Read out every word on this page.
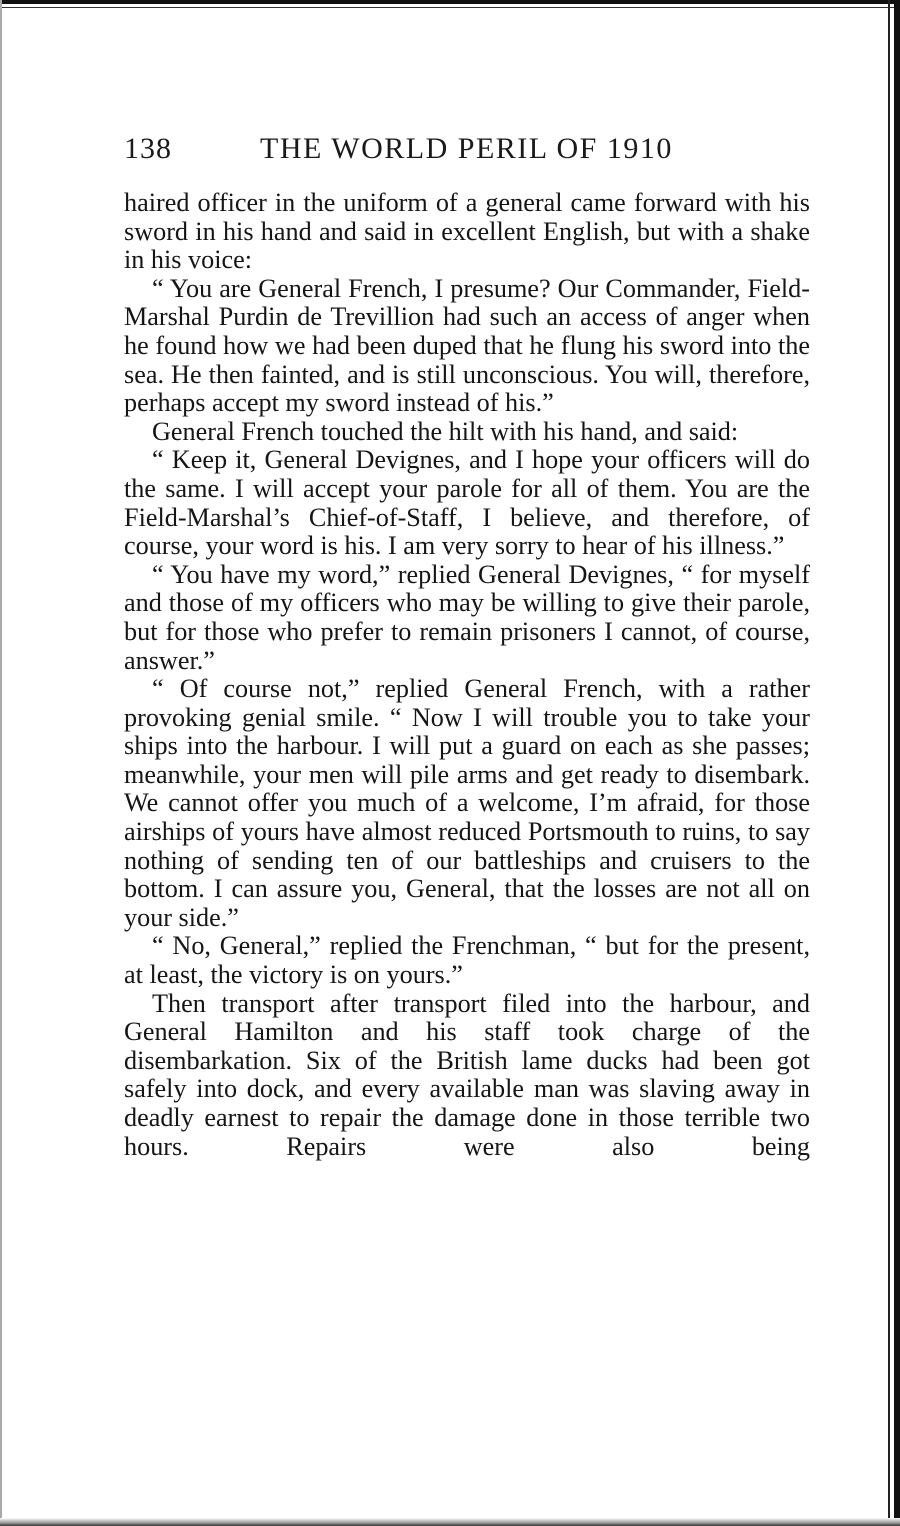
138	THE WORLD PERIL OF 1910

haired officer in the uniform of a general came forward with his sword in his hand and said in excellent English, but with a shake in his voice:

“ You are General French, I presume? Our Commander, Field-Marshal Purdin de Trevillion had such an access of anger when he found how we had been duped that he flung his sword into the sea. He then fainted, and is still unconscious. You will, therefore, perhaps accept my sword instead of his.”

General French touched the hilt with his hand, and said:

“ Keep it, General Devignes, and I hope your officers will do the same. I will accept your parole for all of them. You are the Field-Marshal’s Chief-of-Staff, I believe, and therefore, of course, your word is his. I am very sorry to hear of his illness.”

“ You have my word,” replied General Devignes, “ for myself and those of my officers who may be willing to give their parole, but for those who prefer to remain prisoners I cannot, of course, answer.”

“ Of course not,” replied General French, with a rather provoking genial smile. “ Now I will trouble you to take your ships into the harbour. I will put a guard on each as she passes; meanwhile, your men will pile arms and get ready to disembark. We cannot offer you much of a welcome, I’m afraid, for those airships of yours have almost reduced Portsmouth to ruins, to say nothing of sending ten of our battleships and cruisers to the bottom. I can assure you, General, that the losses are not all on your side.”

“ No, General,” replied the Frenchman, “ but for the present, at least, the victory is on yours.”

Then transport after transport filed into the harbour, and General Hamilton and his staff took charge of the disembarkation. Six of the British lame ducks had been got safely into dock, and every available man was slaving away in deadly earnest to repair the damage done in those terrible two hours. Repairs were also being
